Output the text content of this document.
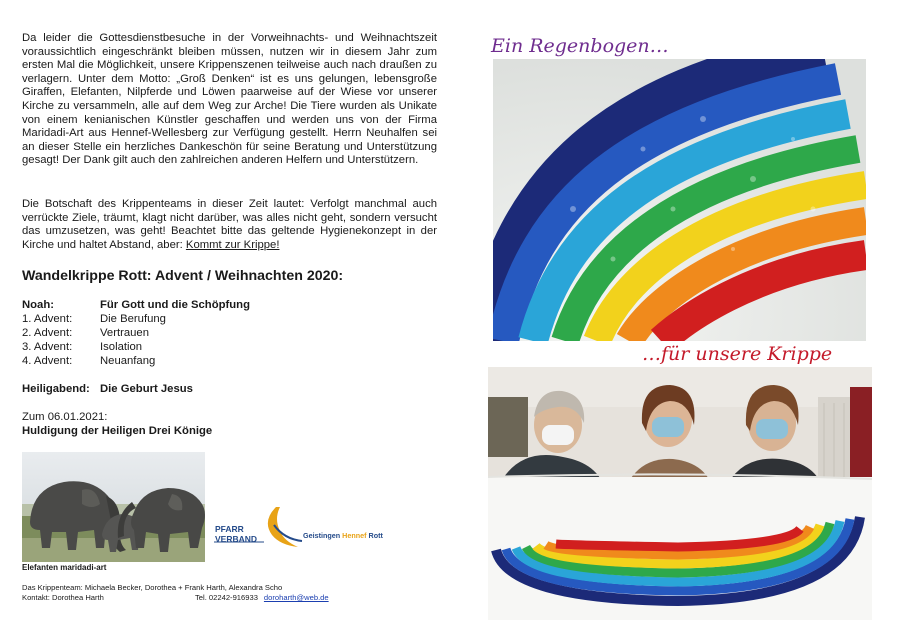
Da leider die Gottesdienstbesuche in der Vorweihnachts- und Weihnachtszeit voraussichtlich eingeschränkt bleiben müssen, nutzen wir in diesem Jahr zum ersten Mal die Möglichkeit, unsere Krippenszenen teilweise auch nach draußen zu verlagern. Unter dem Motto: „Groß Denken“ ist es uns gelungen, lebensgroße Giraffen, Elefanten, Nilpferde und Löwen paarweise auf der Wiese vor unserer Kirche zu versammeln, alle auf dem Weg zur Arche! Die Tiere wurden als Unikate von einem kenianischen Künstler geschaffen und werden uns von der Firma Maridadi-Art aus Hennef-Wellesberg zur Verfügung gestellt. Herrn Neuhalfen sei an dieser Stelle ein herzliches Dankeschön für seine Beratung und Unterstützung gesagt! Der Dank gilt auch den zahlreichen anderen Helfern und Unterstützern.

Die Botschaft des Krippenteams in dieser Zeit lautet: Verfolgt manchmal auch verrückte Ziele, träumt, klagt nicht darüber, was alles nicht geht, sondern versucht das umzusetzen, was geht! Beachtet bitte das geltende Hygienekonzept in der Kirche und haltet Abstand, aber: Kommt zur Krippe!

Wandelkrippe Rott: Advent / Weihnachten 2020:
Noah:	Für Gott und die Schöpfung
1. Advent:	Die Berufung
2. Advent:	Vertrauen
3. Advent:	Isolation
4. Advent:	Neuanfang
Heiligabend: Die Geburt Jesus
Zum 06.01.2021:
Huldigung der Heiligen Drei Könige
Elefanten maridadi-art
PFARR
VERBAND	Geistingen Hennef Rott
Das Krippenteam: Michaela Becker, Dorothea + Frank Harth, Alexandra Scho
Kontakt: Dorothea Harth	Tel. 02242-916933 doroharth@web.de
Ein Regenbogen…
…für unsere Krippe
